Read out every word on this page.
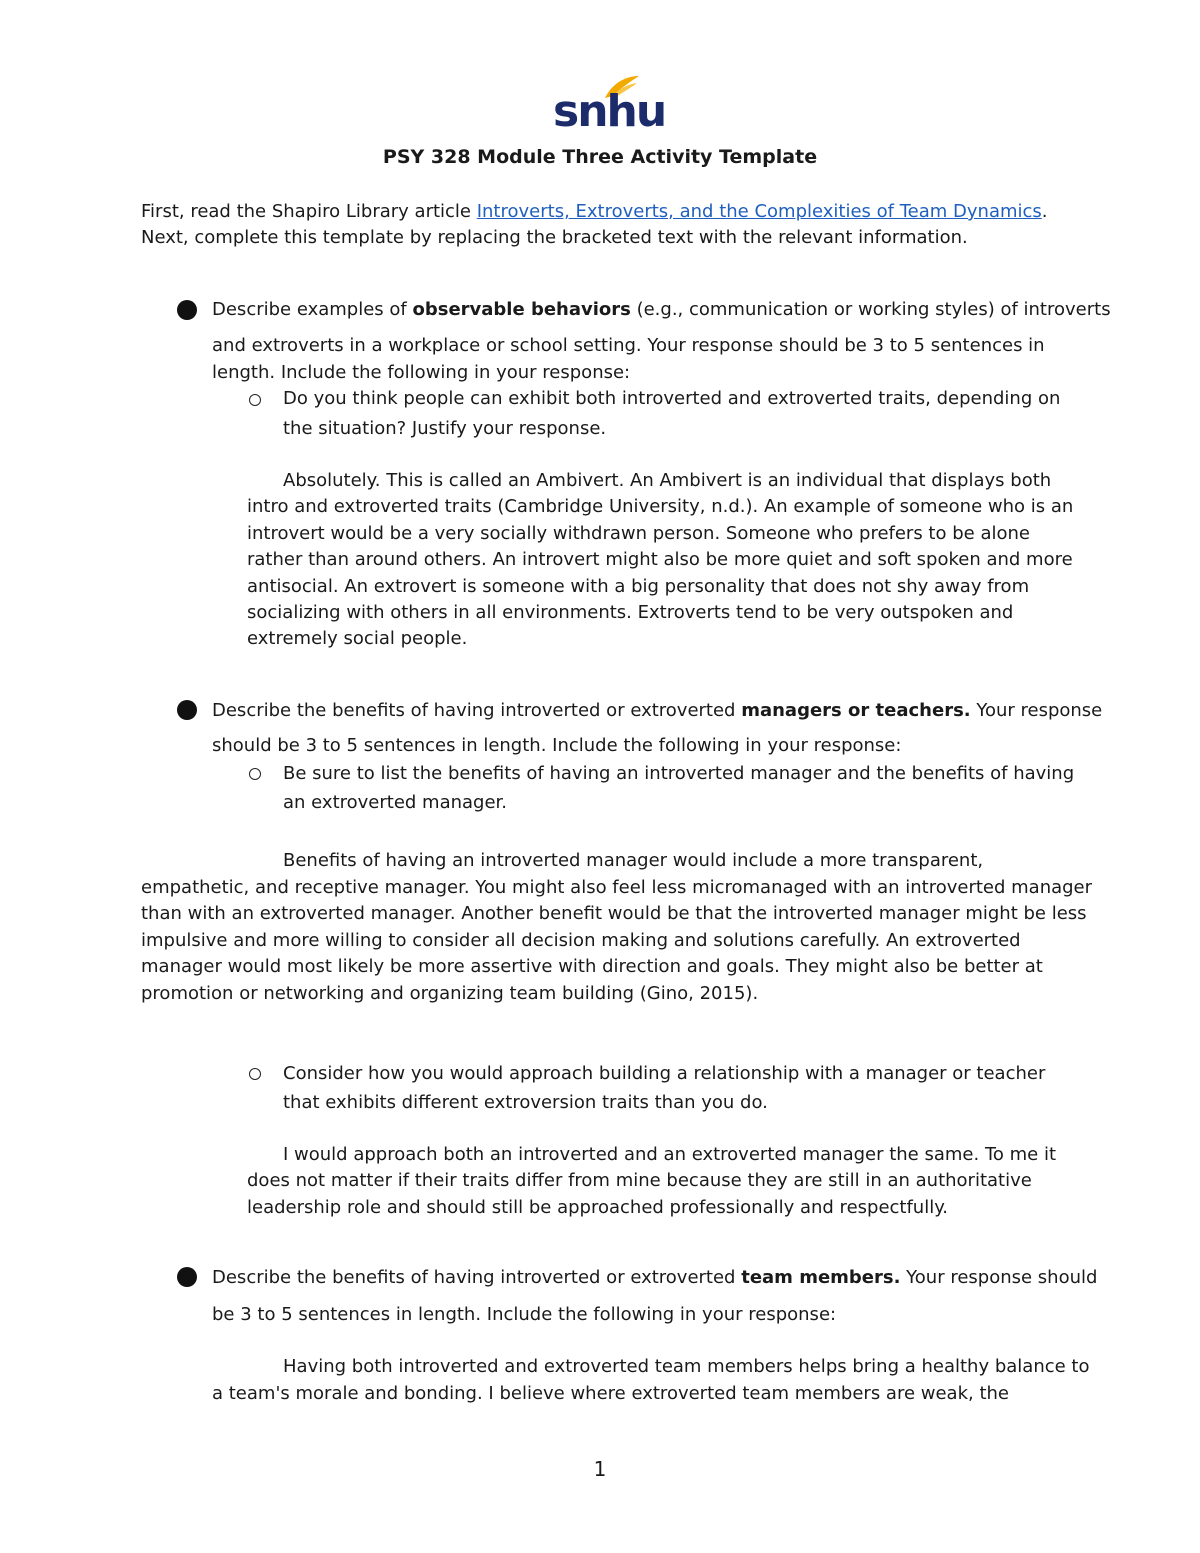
snhu
PSY 328 Module Three Activity Template
First, read the Shapiro Library article Introverts, Extroverts, and the Complexities of Team Dynamics.
Next, complete this template by replacing the bracketed text with the relevant information.
Describe examples of observable behaviors (e.g., communication or working styles) of introverts
and extroverts in a workplace or school setting. Your response should be 3 to 5 sentences in
length. Include the following in your response:
Do you think people can exhibit both introverted and extroverted traits, depending on
the situation? Justify your response.
Absolutely. This is called an Ambivert. An Ambivert is an individual that displays both
intro and extroverted traits (Cambridge University, n.d.). An example of someone who is an
introvert would be a very socially withdrawn person. Someone who prefers to be alone
rather than around others. An introvert might also be more quiet and soft spoken and more
antisocial. An extrovert is someone with a big personality that does not shy away from
socializing with others in all environments. Extroverts tend to be very outspoken and
extremely social people.
Describe the benefits of having introverted or extroverted managers or teachers. Your response
should be 3 to 5 sentences in length. Include the following in your response:
Be sure to list the benefits of having an introverted manager and the benefits of having
an extroverted manager.
Benefits of having an introverted manager would include a more transparent,
empathetic, and receptive manager. You might also feel less micromanaged with an introverted manager
than with an extroverted manager. Another benefit would be that the introverted manager might be less
impulsive and more willing to consider all decision making and solutions carefully. An extroverted
manager would most likely be more assertive with direction and goals. They might also be better at
promotion or networking and organizing team building (Gino, 2015).
Consider how you would approach building a relationship with a manager or teacher
that exhibits different extroversion traits than you do.
I would approach both an introverted and an extroverted manager the same. To me it
does not matter if their traits differ from mine because they are still in an authoritative
leadership role and should still be approached professionally and respectfully.
Describe the benefits of having introverted or extroverted team members. Your response should
be 3 to 5 sentences in length. Include the following in your response:
Having both introverted and extroverted team members helps bring a healthy balance to
a team's morale and bonding. I believe where extroverted team members are weak, the
1
